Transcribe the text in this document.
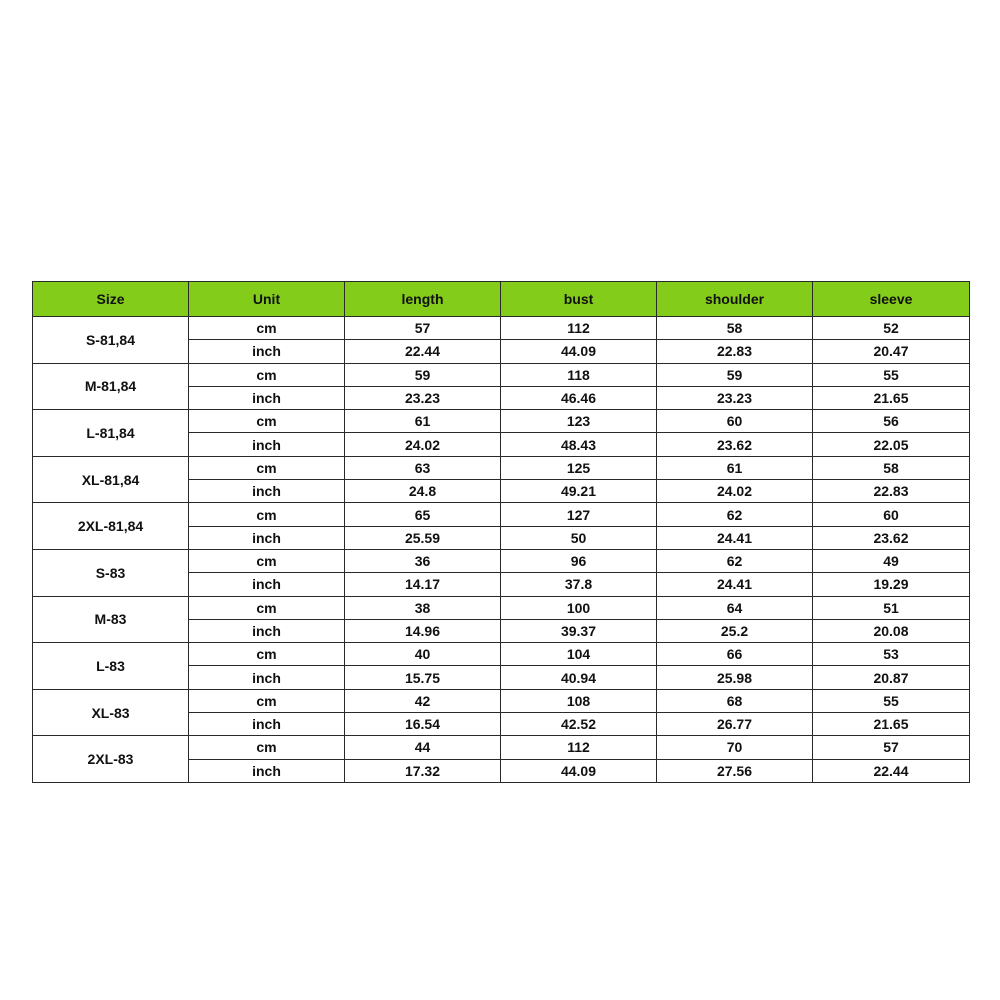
Size	Unit	length	bust	shoulder	sleeve
S-81,84	cm	57	112	58	52
	inch	22.44	44.09	22.83	20.47
M-81,84	cm	59	118	59	55
	inch	23.23	46.46	23.23	21.65
L-81,84	cm	61	123	60	56
	inch	24.02	48.43	23.62	22.05
XL-81,84	cm	63	125	61	58
	inch	24.8	49.21	24.02	22.83
2XL-81,84	cm	65	127	62	60
	inch	25.59	50	24.41	23.62
S-83	cm	36	96	62	49
	inch	14.17	37.8	24.41	19.29
M-83	cm	38	100	64	51
	inch	14.96	39.37	25.2	20.08
L-83	cm	40	104	66	53
	inch	15.75	40.94	25.98	20.87
XL-83	cm	42	108	68	55
	inch	16.54	42.52	26.77	21.65
2XL-83	cm	44	112	70	57
	inch	17.32	44.09	27.56	22.44
